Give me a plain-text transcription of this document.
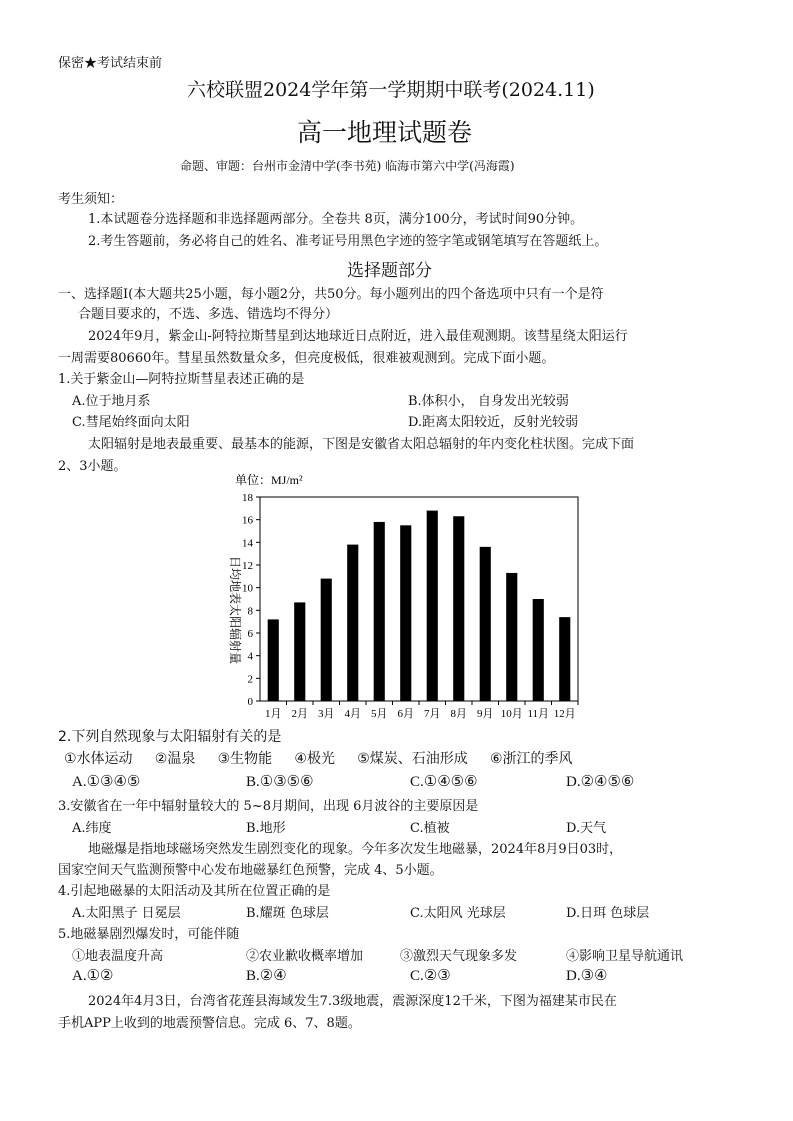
保密★考试结束前
六校联盟2024学年第一学期期中联考(2024.11)
高一地理试题卷
命题、审题：台州市金清中学(李书苑) 临海市第六中学(冯海霞)
考生须知：
1.本试题卷分选择题和非选择题两部分。全卷共 8页，满分100分，考试时间90分钟。
2.考生答题前，务必将自己的姓名、准考证号用黑色字迹的签字笔或钢笔填写在答题纸上。
选择题部分
一、选择题Ⅰ(本大题共25小题，每小题2分，共50分。每小题列出的四个备选项中只有一个是符
合题目要求的，不选、多选、错选均不得分）
2024年9月，紫金山-阿特拉斯彗星到达地球近日点附近，进入最佳观测期。该彗星绕太阳运行
一周需要80660年。彗星虽然数量众多，但亮度极低，很难被观测到。完成下面小题。
1.关于紫金山—阿特拉斯彗星表述正确的是
A.位于地月系	B.体积小， 自身发出光较弱
C.彗尾始终面向太阳	D.距离太阳较近，反射光较弱
太阳辐射是地表最重要、最基本的能源，下图是安徽省太阳总辐射的年内变化柱状图。完成下面
2、3小题。
单位：MJ/m²
日均地表太阳辐射量
0
2
4
6
8
10
12
14
16
18
1月 2月 3月 4月 5月 6月 7月 8月 9月 10月 11月 12月
2.下列自然现象与太阳辐射有关的是
①水体运动     ②温泉     ③生物能     ④极光     ⑤煤炭、石油形成     ⑥浙江的季风
A.①③④⑤	B.①③⑤⑥	C.①④⑤⑥	D.②④⑤⑥
3.安徽省在一年中辐射量较大的 5~8月期间，出现 6月波谷的主要原因是
A.纬度	B.地形	C.植被	D.天气
地磁爆是指地球磁场突然发生剧烈变化的现象。今年多次发生地磁暴，2024年8月9日03时，
国家空间天气监测预警中心发布地磁暴红色预警，完成 4、5小题。
4.引起地磁暴的太阳活动及其所在位置正确的是
A.太阳黑子 日冕层	B.耀斑 色球层	C.太阳风 光球层	D.日珥 色球层
5.地磁暴剧烈爆发时，可能伴随
①地表温度升高	②农业歉收概率增加	③激烈天气现象多发	④影响卫星导航通讯
A.①②	B.②④	C.②③	D.③④
2024年4月3日，台湾省花莲县海域发生7.3级地震，震源深度12千米，下图为福建某市民在
手机APP上收到的地震预警信息。完成 6、7、8题。
